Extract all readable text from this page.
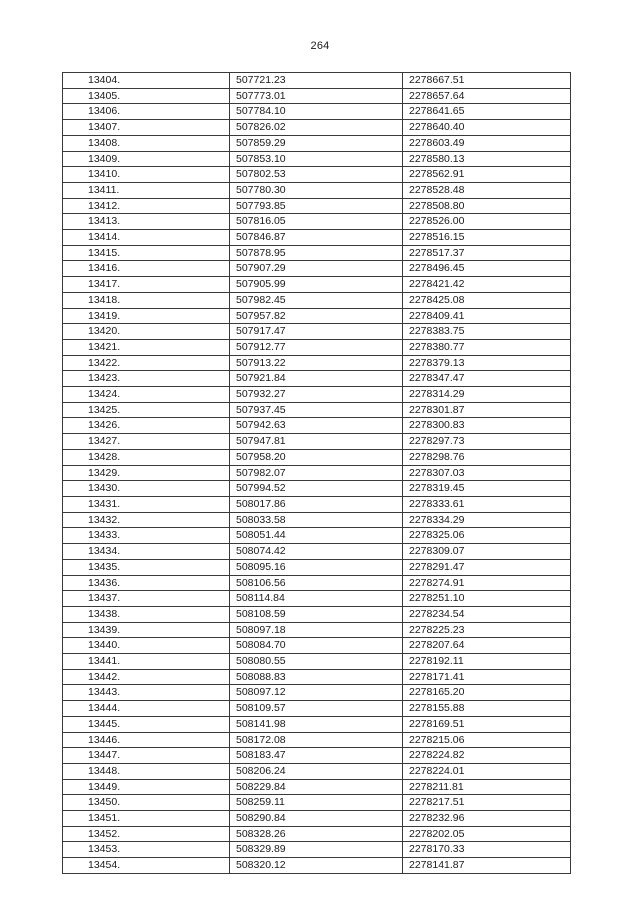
264
13404.	507721.23	2278667.51
13405.	507773.01	2278657.64
13406.	507784.10	2278641.65
13407.	507826.02	2278640.40
13408.	507859.29	2278603.49
13409.	507853.10	2278580.13
13410.	507802.53	2278562.91
13411.	507780.30	2278528.48
13412.	507793.85	2278508.80
13413.	507816.05	2278526.00
13414.	507846.87	2278516.15
13415.	507878.95	2278517.37
13416.	507907.29	2278496.45
13417.	507905.99	2278421.42
13418.	507982.45	2278425.08
13419.	507957.82	2278409.41
13420.	507917.47	2278383.75
13421.	507912.77	2278380.77
13422.	507913.22	2278379.13
13423.	507921.84	2278347.47
13424.	507932.27	2278314.29
13425.	507937.45	2278301.87
13426.	507942.63	2278300.83
13427.	507947.81	2278297.73
13428.	507958.20	2278298.76
13429.	507982.07	2278307.03
13430.	507994.52	2278319.45
13431.	508017.86	2278333.61
13432.	508033.58	2278334.29
13433.	508051.44	2278325.06
13434.	508074.42	2278309.07
13435.	508095.16	2278291.47
13436.	508106.56	2278274.91
13437.	508114.84	2278251.10
13438.	508108.59	2278234.54
13439.	508097.18	2278225.23
13440.	508084.70	2278207.64
13441.	508080.55	2278192.11
13442.	508088.83	2278171.41
13443.	508097.12	2278165.20
13444.	508109.57	2278155.88
13445.	508141.98	2278169.51
13446.	508172.08	2278215.06
13447.	508183.47	2278224.82
13448.	508206.24	2278224.01
13449.	508229.84	2278211.81
13450.	508259.11	2278217.51
13451.	508290.84	2278232.96
13452.	508328.26	2278202.05
13453.	508329.89	2278170.33
13454.	508320.12	2278141.87
